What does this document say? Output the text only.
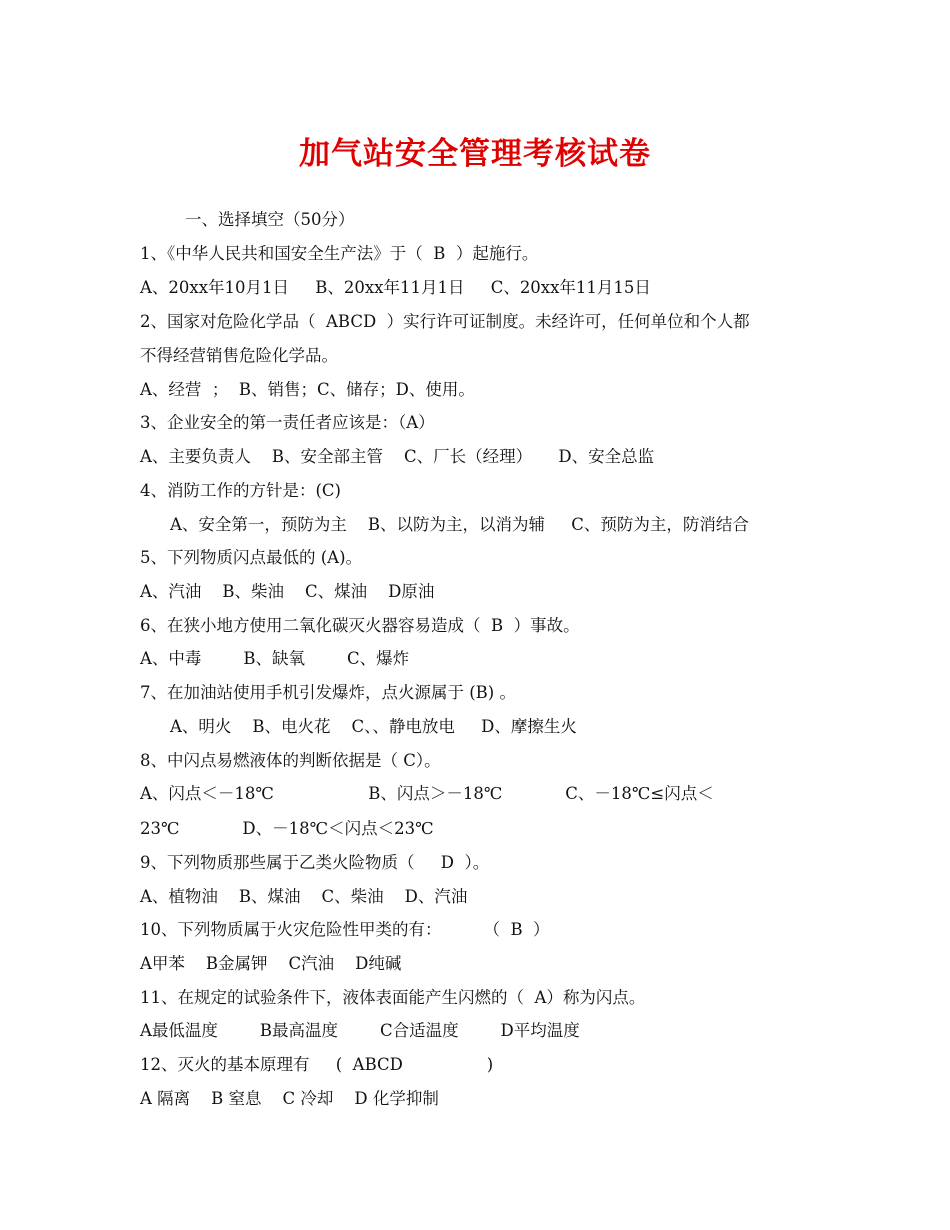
加气站安全管理考核试卷
一、选择填空（50分）
1、《中华人民共和国安全生产法》于（  B  ）起施行。
A、20xx年10月1日     B、20xx年11月1日     C、20xx年11月15日
2、国家对危险化学品（  ABCD  ）实行许可证制度。未经许可，任何单位和个人都
不得经营销售危险化学品。
A、经营  ；  B、销售；C、储存；D、使用。
3、企业安全的第一责任者应该是：（A）
A、主要负责人    B、安全部主管    C、厂长（经理）     D、安全总监
4、消防工作的方针是：(C)
A、安全第一，预防为主    B、以防为主，以消为辅     C、预防为主，防消结合
5、下列物质闪点最低的 (A)。
A、汽油    B、柴油    C、煤油    D原油
6、在狭小地方使用二氧化碳灭火器容易造成（  B  ）事故。
A、中毒        B、缺氧        C、爆炸
7、在加油站使用手机引发爆炸，点火源属于 (B) 。
A、明火    B、电火花    C、、静电放电     D、摩擦生火
8、中闪点易燃液体的判断依据是（ C）。
A、闪点＜－18℃                  B、闪点＞－18℃            C、－18℃≤闪点＜
23℃            D、－18℃＜闪点＜23℃
9、下列物质那些属于乙类火险物质（     D  ）。
A、植物油    B、煤油    C、柴油    D、汽油
10、下列物质属于火灾危险性甲类的有：        （  B  ）
A甲苯    B金属钾    C汽油    D纯碱
11、在规定的试验条件下，液体表面能产生闪燃的（  A）称为闪点。
A最低温度        B最高温度        C合适温度        D平均温度
12、灭火的基本原理有     (  ABCD                )
A 隔离    B 窒息    C 冷却    D 化学抑制
